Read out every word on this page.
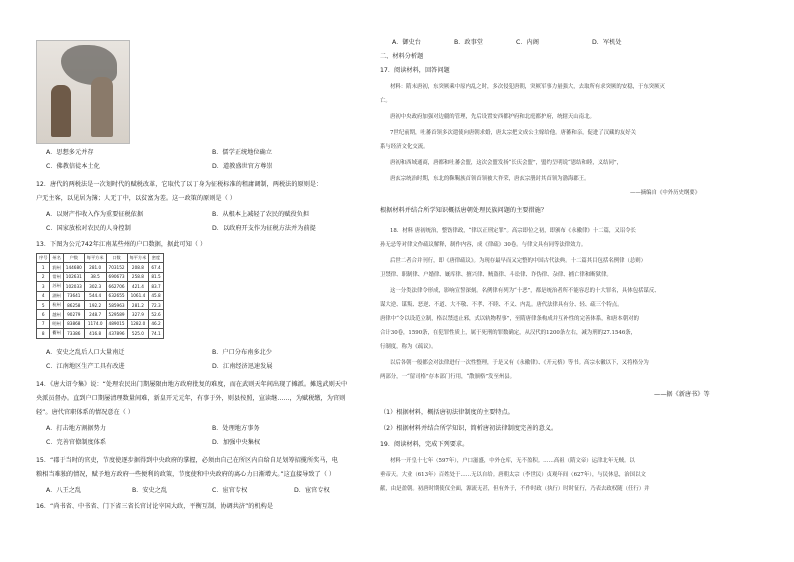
A．思想多元并存	B．儒学正统地位确立
C．佛教信徒本土化	D．道教盛世官方尊崇
12．唐代的两税法是一次划时代的赋税改革，它取代了以丁身为征税标准的租庸调制，两税法的原则是：
户无主客，以见居为簿；人无丁中，以贫富为差。这一政策的原则是（ ）
A．以财产作收入作为重要征税依据	B．从根本上减轻了农民的赋役负担
C．国家放松对农民的人身控制	D．以政府开支作为征税方法并为前提
13．下图为公元742年江南某些州的户口数据，据此可知（ ）
序号	州名	户数	每平方米	口数	每平方米	密度
1	润州	144680	281.0	703152	208.8	67.4
2	常州	102631	38.5	690673	258.8	81.5
3	苏州	102033	302.3	662706	421.4	83.7
4	湖州	73641	544.4	632655	1061.4	45.8
5	杭州	86258	192.2	585963	281.2	72.3
6	越州	90279	248.7	529589	327.9	52.6
7	明州	83868	1174.0	489015	1282.0	46.2
8	衢州	73386	416.8	437896	525.0	74.1
A．安史之乱后人口大量南迁	B．户口分布南多北少
C．江南地区生产工具有改进	D．江南经济迅速发展
14．《唐大诏令集》说：“处理农民出门期屡限由地方政府批复的难度，而在武则天年间出现了摊派。摊选武则天中
央派员督办。直到户口期屡清理数量间难，新皇开元元年，有事于外，则县按照，宣读继……，为赋税缴，为官则
轻”。唐代官职体系的情况意在（ ）
A．打击地方割据势力	B．处理地方事务
C．完善官僚制度体系	D．加强中央集权
15．“郡于当时的官吏，节度使逐步据得到中央政府的掌握，必须由自己在所区内自给自足划筹招揽所奖马，电
粮相当难独的情况，赋予地方政府一些便利的政策，节度使和中央政府的离心力日渐增大。”这直接导致了（ ）
A．八王之乱	B．安史之乱	C．宦官专权	D．宦官专权
16．“尚书省、中书省、门下省三省长官讨论宰国大政，平衡互制，协调共济”的机构是
A．御史台	B．政事堂	C．内阁	D．军机处
二、材料分析题
17．阅读材料，回答问题
材料：隋末唐初，东突厥乘中原内乱之时，多次侵犯唐朝，突厥军事力量强大，去取所有求突厥的安稳，于东突厥灭
亡。
唐初中央政府加强对边疆的管理，先后设置安西都护府和北庭都护府，统辖天山南北。
7世纪前期，吐蕃首领多次遣使向唐朝求婚，唐太宗把文成公主嫁给他。唐蕃和亲，促进了汉藏的友好关
系与经济文化交流。
唐初和西域通商，唐都和吐蕃会盟，这次会盟发扬“长庆会盟”，盟约呈明说“恩结和睦，义结同”，
唐玄宗统治时期，东北的靺鞨族首领首领被大祚荣，唐玄宗册封其首领为渤海郡王。
——摘编自《中外历史纲要》
根据材料并结合所学知识概括唐朝处理民族问题的主要措施？
18．材料 唐初统治，整饬律政，“律以正刑定罪”。高宗即位之初，即颁布《永徽律》十二篇，又诏令长
孙无忌等对律文作疏议解释，制作内容，成《律疏》30卷。与律文具有同等法律效力。
后世二者合并刊行，即《唐律疏议》。为现存最早而又完整的中国古代法典。十二篇其目包括名例律（总则）
卫禁律、职制律、户婚律、厩库律、擅兴律、贼盗律、斗讼律、诈伪律、杂律、捕亡律和断狱律。
这一分类法律令形成，影响宣誓深刻。名例律有列为“十恶”，都是统治者所不能容忍的十大罪名，具体包括谋反、
谋大逆、谋叛、恶逆、不道、大不敬、不孝、不睦、不义、内乱。唐代法律具有分、轻、疏三个特点。
唐律中“令以设范立制，格以禁违止邪，式以轨物程事”，至隋唐律条构成并互补性的完善体系，和唐本朝对的
合计30卷，1590条，在犯罪性质上，属于死刑的罪数确定，从汉代的1200条左右，减为刑的27.1546条，
行制度，称为《疏议》。
以后各朝一般都会对法律进行一次性整理，于是又有《永徽律》、《开元格》等书。高宗永徽以下，又将格分为
两部分，一“留司格”存本部门行用，“散颁格”发至州县。
——据《新唐书》等
（1）根据材料，概括唐初法律制度的主要特点。
（2）根据材料并结合所学知识，简析唐初法律制度完善的意义。
19．阅读材料，完成下列要求。
材料一开皇十七年（597年），户口滋盛，中外仓库，无不盈积。……高祖（隋文帝）运津北年无贼。以
垂帝天。大业（613年）百姓处于……无以自给。唐朝太宗（李世民）贞观年间（627年），与民休息，治国以文
献，由是盈朝。初唐时期使仪全面，源流无甚，但有外于，不作时政（执行）时时征行，乃表去政权随（任行）并
